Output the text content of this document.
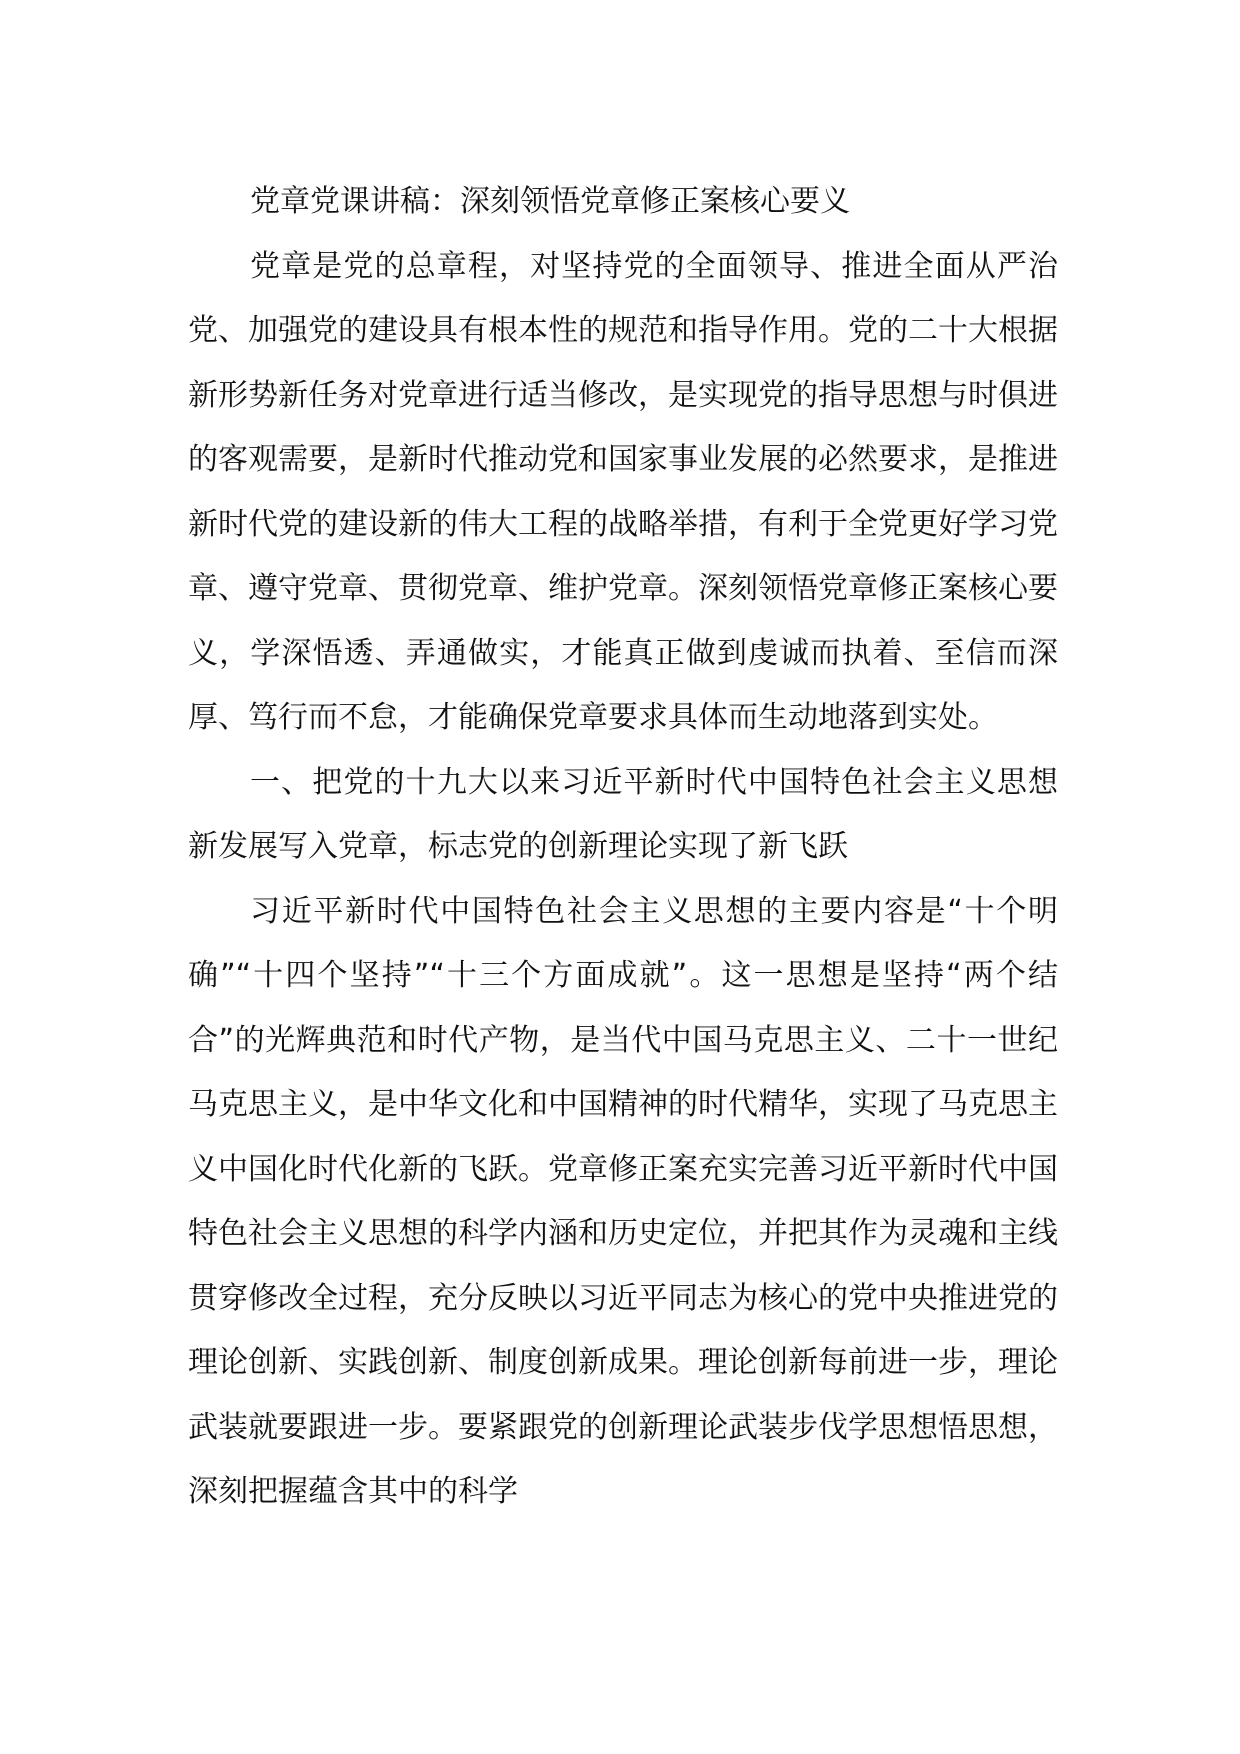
党章党课讲稿：深刻领悟党章修正案核心要义

党章是党的总章程，对坚持党的全面领导、推进全面从严治党、加强党的建设具有根本性的规范和指导作用。党的二十大根据新形势新任务对党章进行适当修改，是实现党的指导思想与时俱进的客观需要，是新时代推动党和国家事业发展的必然要求，是推进新时代党的建设新的伟大工程的战略举措，有利于全党更好学习党章、遵守党章、贯彻党章、维护党章。深刻领悟党章修正案核心要义，学深悟透、弄通做实，才能真正做到虔诚而执着、至信而深厚、笃行而不怠，才能确保党章要求具体而生动地落到实处。

一、把党的十九大以来习近平新时代中国特色社会主义思想新发展写入党章，标志党的创新理论实现了新飞跃

习近平新时代中国特色社会主义思想的主要内容是“十个明确”“十四个坚持”“十三个方面成就”。这一思想是坚持“两个结合”的光辉典范和时代产物，是当代中国马克思主义、二十一世纪马克思主义，是中华文化和中国精神的时代精华，实现了马克思主义中国化时代化新的飞跃。党章修正案充实完善习近平新时代中国特色社会主义思想的科学内涵和历史定位，并把其作为灵魂和主线贯穿修改全过程，充分反映以习近平同志为核心的党中央推进党的理论创新、实践创新、制度创新成果。理论创新每前进一步，理论武装就要跟进一步。要紧跟党的创新理论武装步伐学思想悟思想，深刻把握蕴含其中的科学
